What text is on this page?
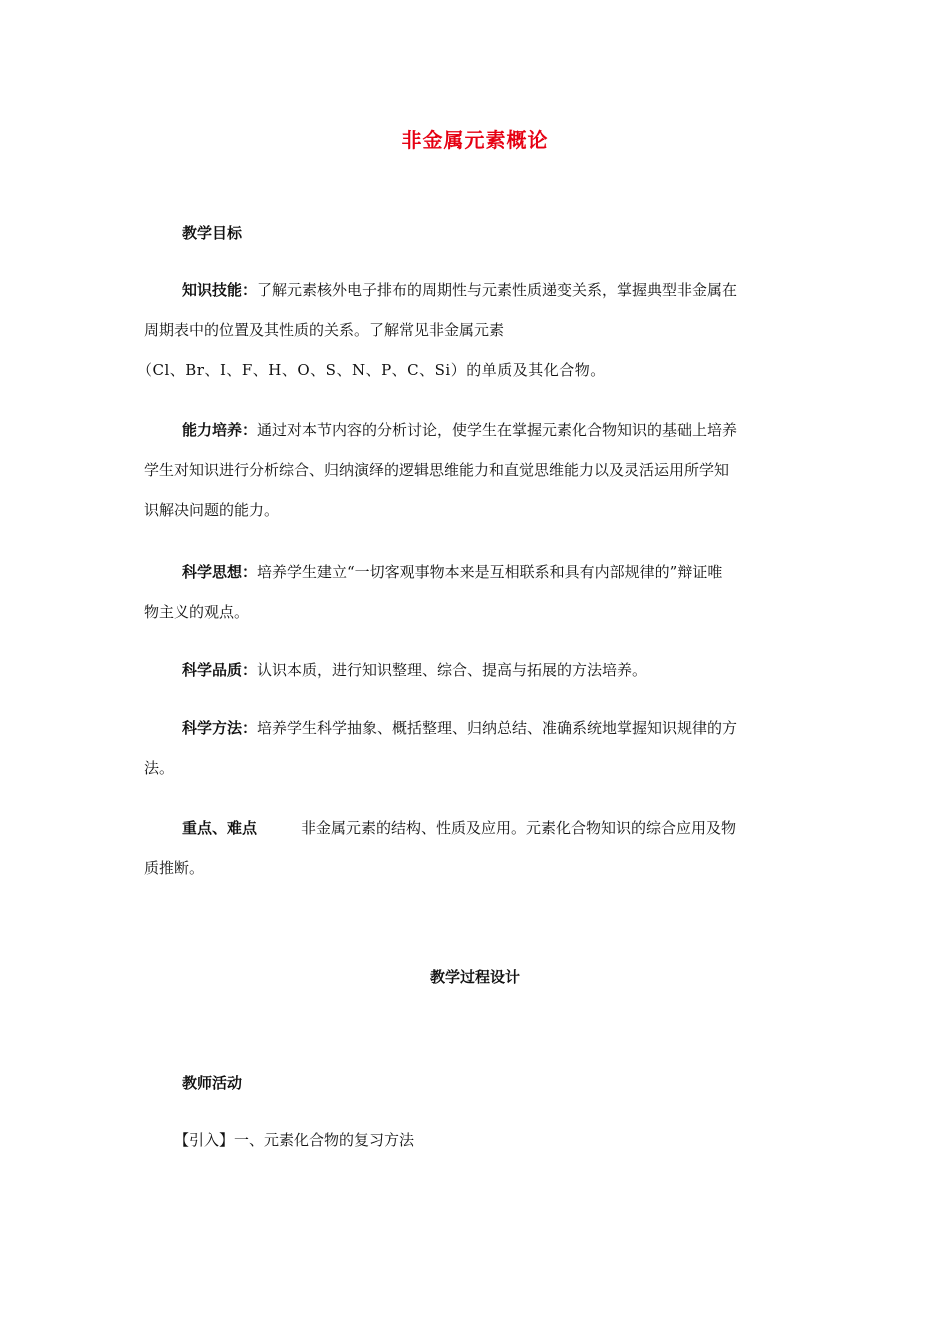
非金属元素概论
教学目标
知识技能：了解元素核外电子排布的周期性与元素性质递变关系，掌握典型非金属在
周期表中的位置及其性质的关系。了解常见非金属元素
（Cl、Br、I、F、H、O、S、N、P、C、Si）的单质及其化合物。
能力培养：通过对本节内容的分析讨论，使学生在掌握元素化合物知识的基础上培养
学生对知识进行分析综合、归纳演绎的逻辑思维能力和直觉思维能力以及灵活运用所学知
识解决问题的能力。
科学思想：培养学生建立“一切客观事物本来是互相联系和具有内部规律的”辩证唯
物主义的观点。
科学品质：认识本质，进行知识整理、综合、提高与拓展的方法培养。
科学方法：培养学生科学抽象、概括整理、归纳总结、准确系统地掌握知识规律的方
法。
重点、难点	非金属元素的结构、性质及应用。元素化合物知识的综合应用及物
质推断。
教学过程设计
教师活动
【引入】一、元素化合物的复习方法
